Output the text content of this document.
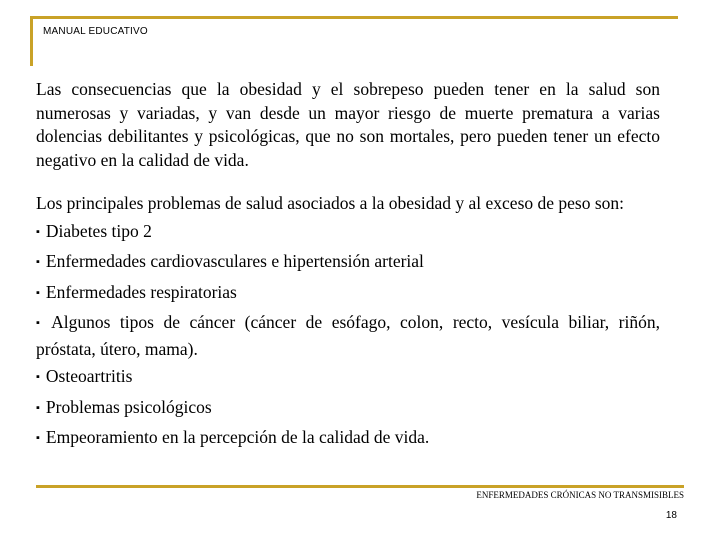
MANUAL EDUCATIVO

Las consecuencias que la obesidad y el sobrepeso pueden tener en la salud son numerosas y variadas, y van desde un mayor riesgo de muerte prematura a varias dolencias debilitantes y psicológicas, que no son mortales, pero pueden tener un efecto negativo en la calidad de vida.

Los principales problemas de salud asociados a la obesidad y al exceso de peso son:
▪ Diabetes tipo 2
▪ Enfermedades cardiovasculares e hipertensión arterial
▪ Enfermedades respiratorias
▪ Algunos tipos de cáncer (cáncer de esófago, colon, recto, vesícula biliar, riñón, próstata, útero, mama).
▪ Osteoartritis
▪ Problemas psicológicos
▪ Empeoramiento en la percepción de la calidad de vida.
ENFERMEDADES CRÓNICAS NO TRANSMISIBLES
18
